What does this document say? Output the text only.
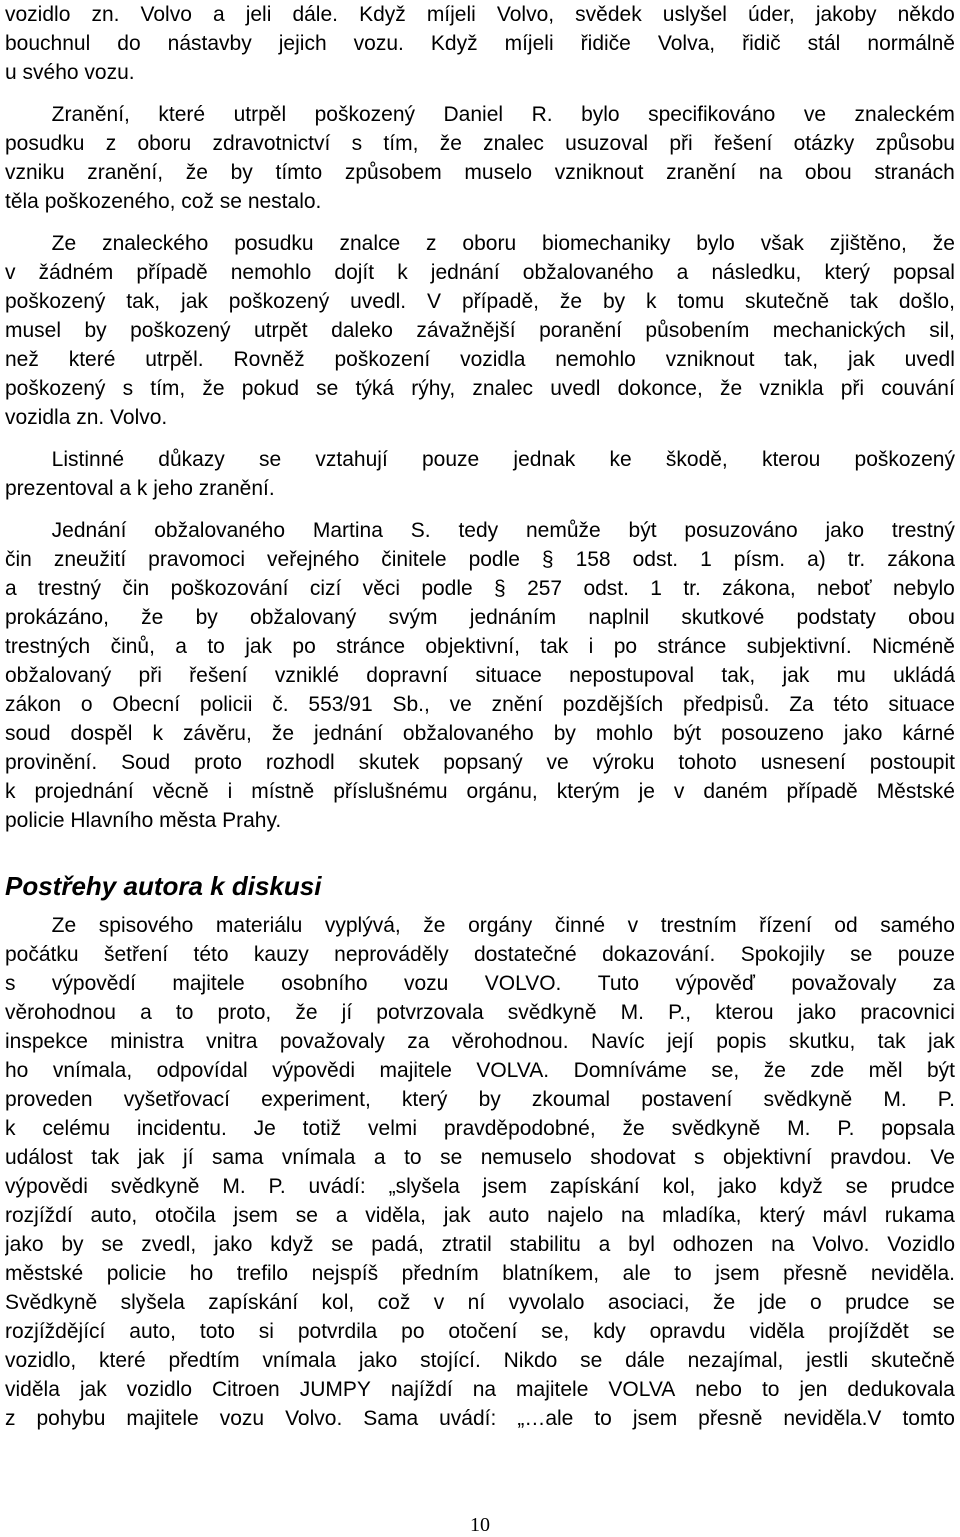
vozidlo zn. Volvo a jeli dále. Když míjeli Volvo, svědek uslyšel úder, jakoby někdo
bouchnul do nástavby jejich vozu. Když míjeli řidiče Volva, řidič stál normálně
u svého vozu.
Zranění, které utrpěl poškozený Daniel R. bylo specifikováno ve znaleckém
posudku z oboru zdravotnictví s tím, že znalec usuzoval při řešení otázky způsobu
vzniku zranění, že by tímto způsobem muselo vzniknout zranění na obou stranách
těla poškozeného, což se nestalo.
Ze znaleckého posudku znalce z oboru biomechaniky bylo však zjištěno, že
v žádném případě nemohlo dojít k jednání obžalovaného a následku, který popsal
poškozený tak, jak poškozený uvedl. V případě, že by k tomu skutečně tak došlo,
musel by poškozený utrpět daleko závažnější poranění působením mechanických sil,
než které utrpěl. Rovněž poškození vozidla nemohlo vzniknout tak, jak uvedl
poškozený s tím, že pokud se týká rýhy, znalec uvedl dokonce, že vznikla při couvání
vozidla zn. Volvo.
Listinné důkazy se vztahují pouze jednak ke škodě, kterou poškozený
prezentoval a k jeho zranění.
Jednání obžalovaného Martina S. tedy nemůže být posuzováno jako trestný
čin zneužití pravomoci veřejného činitele podle § 158 odst. 1 písm. a) tr. zákona
a trestný čin poškozování cizí věci podle § 257 odst. 1 tr. zákona, neboť nebylo
prokázáno, že by obžalovaný svým jednáním naplnil skutkové podstaty obou
trestných činů, a to jak po stránce objektivní, tak i po stránce subjektivní. Nicméně
obžalovaný při řešení vzniklé dopravní situace nepostupoval tak, jak mu ukládá
zákon o Obecní policii č. 553/91 Sb., ve znění pozdějších předpisů. Za této situace
soud dospěl k závěru, že jednání obžalovaného by mohlo být posouzeno jako kárné
provinění. Soud proto rozhodl skutek popsaný ve výroku tohoto usnesení postoupit
k projednání věcně i místně příslušnému orgánu, kterým je v daném případě Městské
policie Hlavního města Prahy.
Postřehy autora k diskusi
Ze spisového materiálu vyplývá, že orgány činné v trestním řízení od samého
počátku šetření této kauzy neprováděly dostatečné dokazování. Spokojily se pouze
s výpovědí majitele osobního vozu VOLVO. Tuto výpověď považovaly za
věrohodnou a to proto, že jí potvrzovala svědkyně M. P., kterou jako pracovnici
inspekce ministra vnitra považovaly za věrohodnou. Navíc její popis skutku, tak jak
ho vnímala, odpovídal výpovědi majitele VOLVA. Domníváme se, že zde měl být
proveden vyšetřovací experiment, který by zkoumal postavení svědkyně M. P.
k celému incidentu. Je totiž velmi pravděpodobné, že svědkyně M. P. popsala
událost tak jak jí sama vnímala a to se nemuselo shodovat s objektivní pravdou. Ve
výpovědi svědkyně M. P. uvádí: „slyšela jsem zapískání kol, jako když se prudce
rozjíždí auto, otočila jsem se a viděla, jak auto najelo na mladíka, který mávl rukama
jako by se zvedl, jako když se padá, ztratil stabilitu a byl odhozen na Volvo. Vozidlo
městské policie ho trefilo nejspíš předním blatníkem, ale to jsem přesně neviděla.
Svědkyně slyšela zapískání kol, což v ní vyvolalo asociaci, že jde o prudce se
rozjíždějící auto, toto si potvrdila po otočení se, kdy opravdu viděla projíždět se
vozidlo, které předtím vnímala jako stojící. Nikdo se dále nezajímal, jestli skutečně
viděla jak vozidlo Citroen JUMPY najíždí na majitele VOLVA nebo to jen dedukovala
z pohybu majitele vozu Volvo. Sama uvádí: „…ale to jsem přesně neviděla.V tomto
10
